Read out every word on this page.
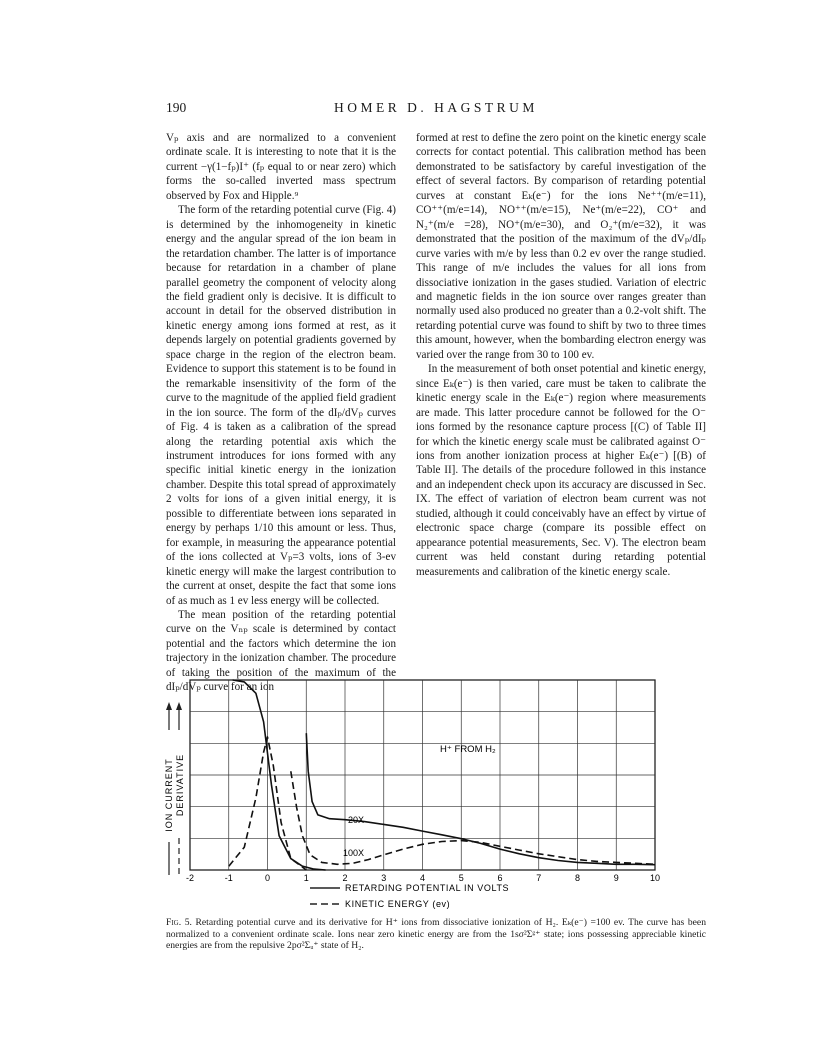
190	HOMER D. HAGSTRUM

Vₚ axis and are normalized to a convenient ordinate scale. It is interesting to note that it is the current −γ(1−fₚ)I⁺ (fₚ equal to or near zero) which forms the so-called inverted mass spectrum observed by Fox and Hipple.⁹

The form of the retarding potential curve (Fig. 4) is determined by the inhomogeneity in kinetic energy and the angular spread of the ion beam in the retardation chamber. The latter is of importance because for retardation in a chamber of plane parallel geometry the component of velocity along the field gradient only is decisive. It is difficult to account in detail for the observed distribution in kinetic energy among ions formed at rest, as it depends largely on potential gradients governed by space charge in the region of the electron beam. Evidence to support this statement is to be found in the remarkable insensitivity of the form of the curve to the magnitude of the applied field gradient in the ion source. The form of the dIₚ/dVₚ curves of Fig. 4 is taken as a calibration of the spread along the retarding potential axis which the instrument introduces for ions formed with any specific initial kinetic energy in the ionization chamber. Despite this total spread of approximately 2 volts for ions of a given initial energy, it is possible to differentiate between ions separated in energy by perhaps 1/10 this amount or less. Thus, for example, in measuring the appearance potential of the ions collected at Vₚ=3 volts, ions of 3-ev kinetic energy will make the largest contribution to the current at onset, despite the fact that some ions of as much as 1 ev less energy will be collected.

The mean position of the retarding potential curve on the Vₙₚ scale is determined by contact potential and the factors which determine the ion trajectory in the ionization chamber. The procedure of taking the position of the maximum of the dIₚ/dVₚ curve for an ion

formed at rest to define the zero point on the kinetic energy scale corrects for contact potential. This calibration method has been demonstrated to be satisfactory by careful investigation of the effect of several factors. By comparison of retarding potential curves at constant Eₖ(e⁻) for the ions Ne⁺⁺(m/e=11), CO⁺⁺(m/e=14), NO⁺⁺(m/e=15), Ne⁺(m/e=22), CO⁺ and N₂⁺(m/e =28), NO⁺(m/e=30), and O₂⁺(m/e=32), it was demonstrated that the position of the maximum of the dVₚ/dIₚ curve varies with m/e by less than 0.2 ev over the range studied. This range of m/e includes the values for all ions from dissociative ionization in the gases studied. Variation of electric and magnetic fields in the ion source over ranges greater than normally used also produced no greater than a 0.2-volt shift. The retarding potential curve was found to shift by two to three times this amount, however, when the bombarding electron energy was varied over the range from 30 to 100 ev.

In the measurement of both onset potential and kinetic energy, since Eₖ(e⁻) is then varied, care must be taken to calibrate the kinetic energy scale in the Eₖ(e⁻) region where measurements are made. This latter procedure cannot be followed for the O⁻ ions formed by the resonance capture process [(C) of Table II] for which the kinetic energy scale must be calibrated against O⁻ ions from another ionization process at higher Eₖ(e⁻) [(B) of Table II]. The details of the procedure followed in this instance and an independent check upon its accuracy are discussed in Sec. IX. The effect of variation of electron beam current was not studied, although it could conceivably have an effect by virtue of electronic space charge (compare its possible effect on appearance potential measurements, Sec. V). The electron beam current was held constant during retarding potential measurements and calibration of the kinetic energy scale.

-2	-1	0	1	2	3	4	5	6	7	8	9	10
ION CURRENT DERIVATIVE
H⁺ FROM H₂
20X
100X
RETARDING POTENTIAL IN VOLTS
KINETIC ENERGY (ev)
Fig. 5. Retarding potential curve and its derivative for H⁺ ions from dissociative ionization of H₂. Eₖ(e⁻) =100 ev. The curve has been normalized to a convenient ordinate scale. Ions near zero kinetic energy are from the 1sσ²Σᵍ⁺ state; ions possessing appreciable kinetic energies are from the repulsive 2pσ²Σᵤ⁺ state of H₂.
